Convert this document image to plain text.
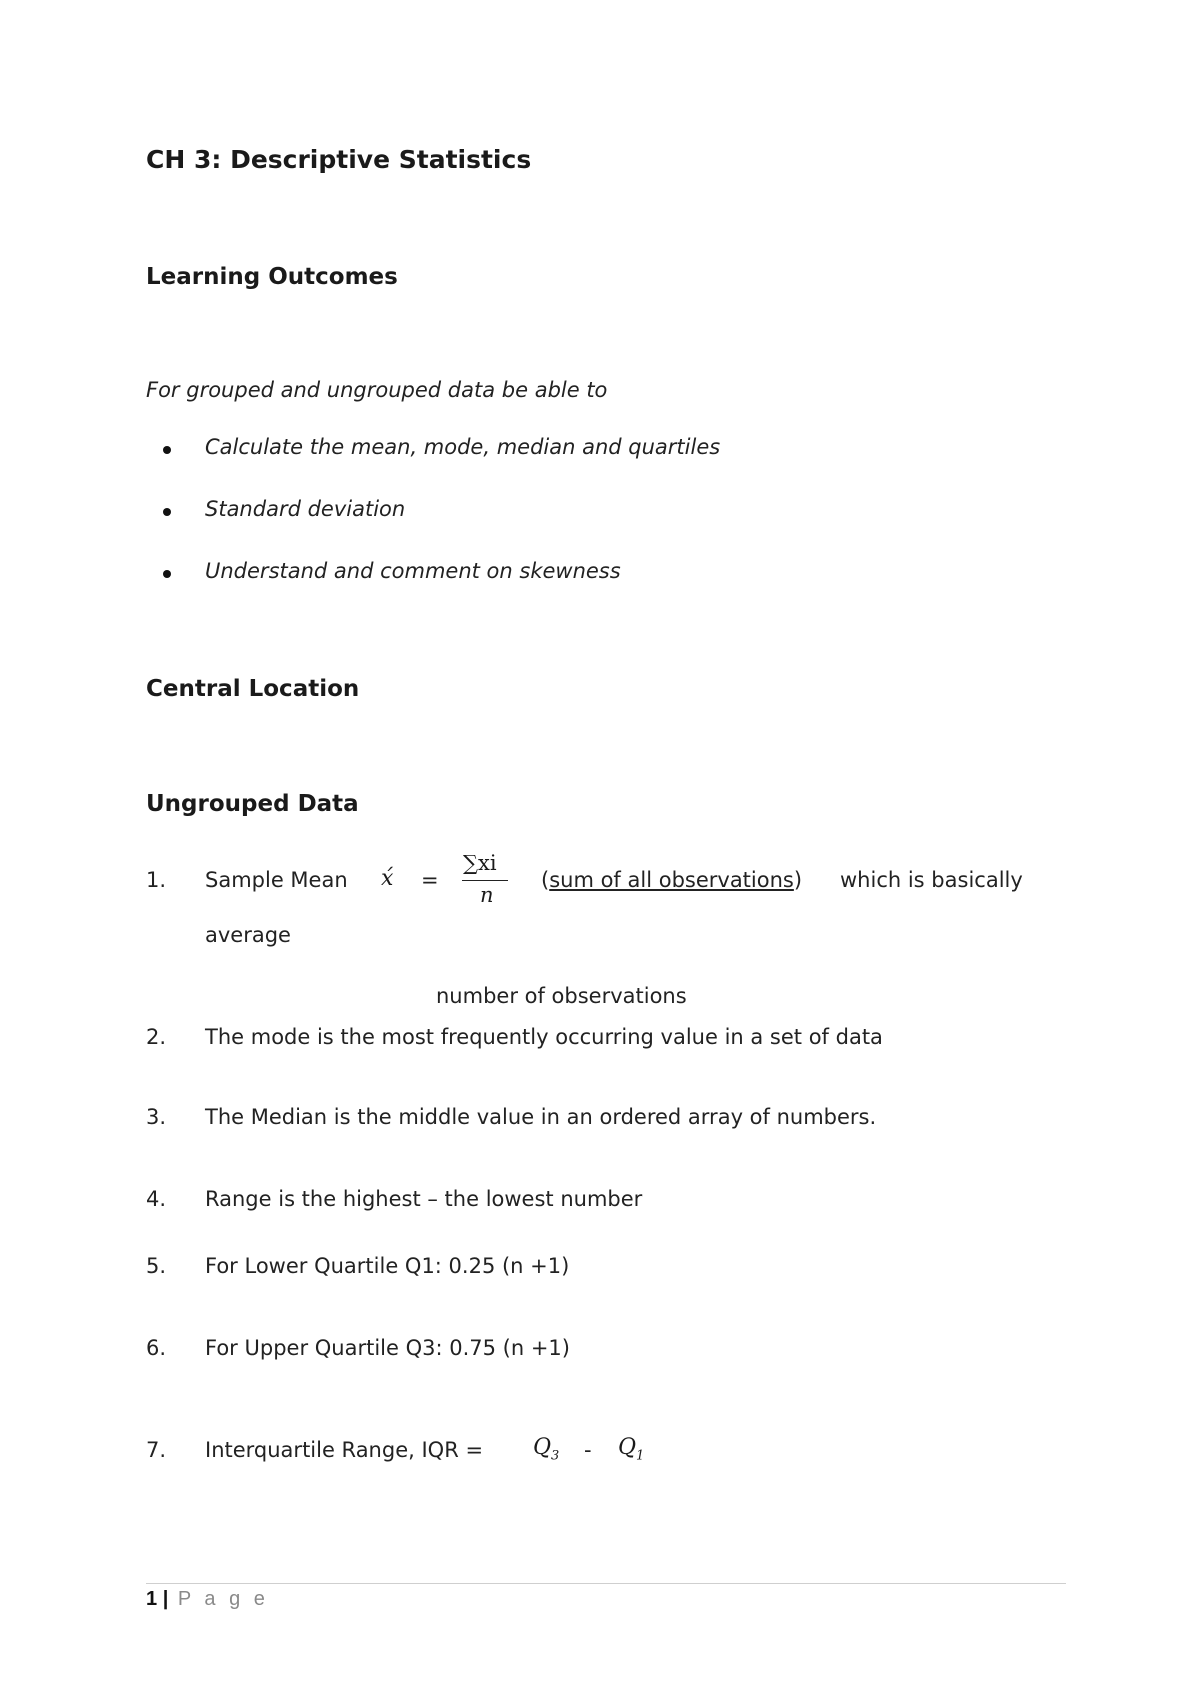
CH 3: Descriptive Statistics
Learning Outcomes
For grouped and ungrouped data be able to
Calculate the mean, mode, median and quartiles
Standard deviation
Understand and comment on skewness
Central Location
Ungrouped Data
1. Sample Mean x́ =
∑xi
n
(sum of all observations) which is basically
average
number of observations
2. The mode is the most frequently occurring value in a set of data
3. The Median is the middle value in an ordered array of numbers.
4. Range is the highest – the lowest number
5. For Lower Quartile Q1: 0.25 (n +1)
6. For Upper Quartile Q3: 0.75 (n +1)
7. Interquartile Range, IQR = $Q_3 - Q_1$
1 | P a g e
